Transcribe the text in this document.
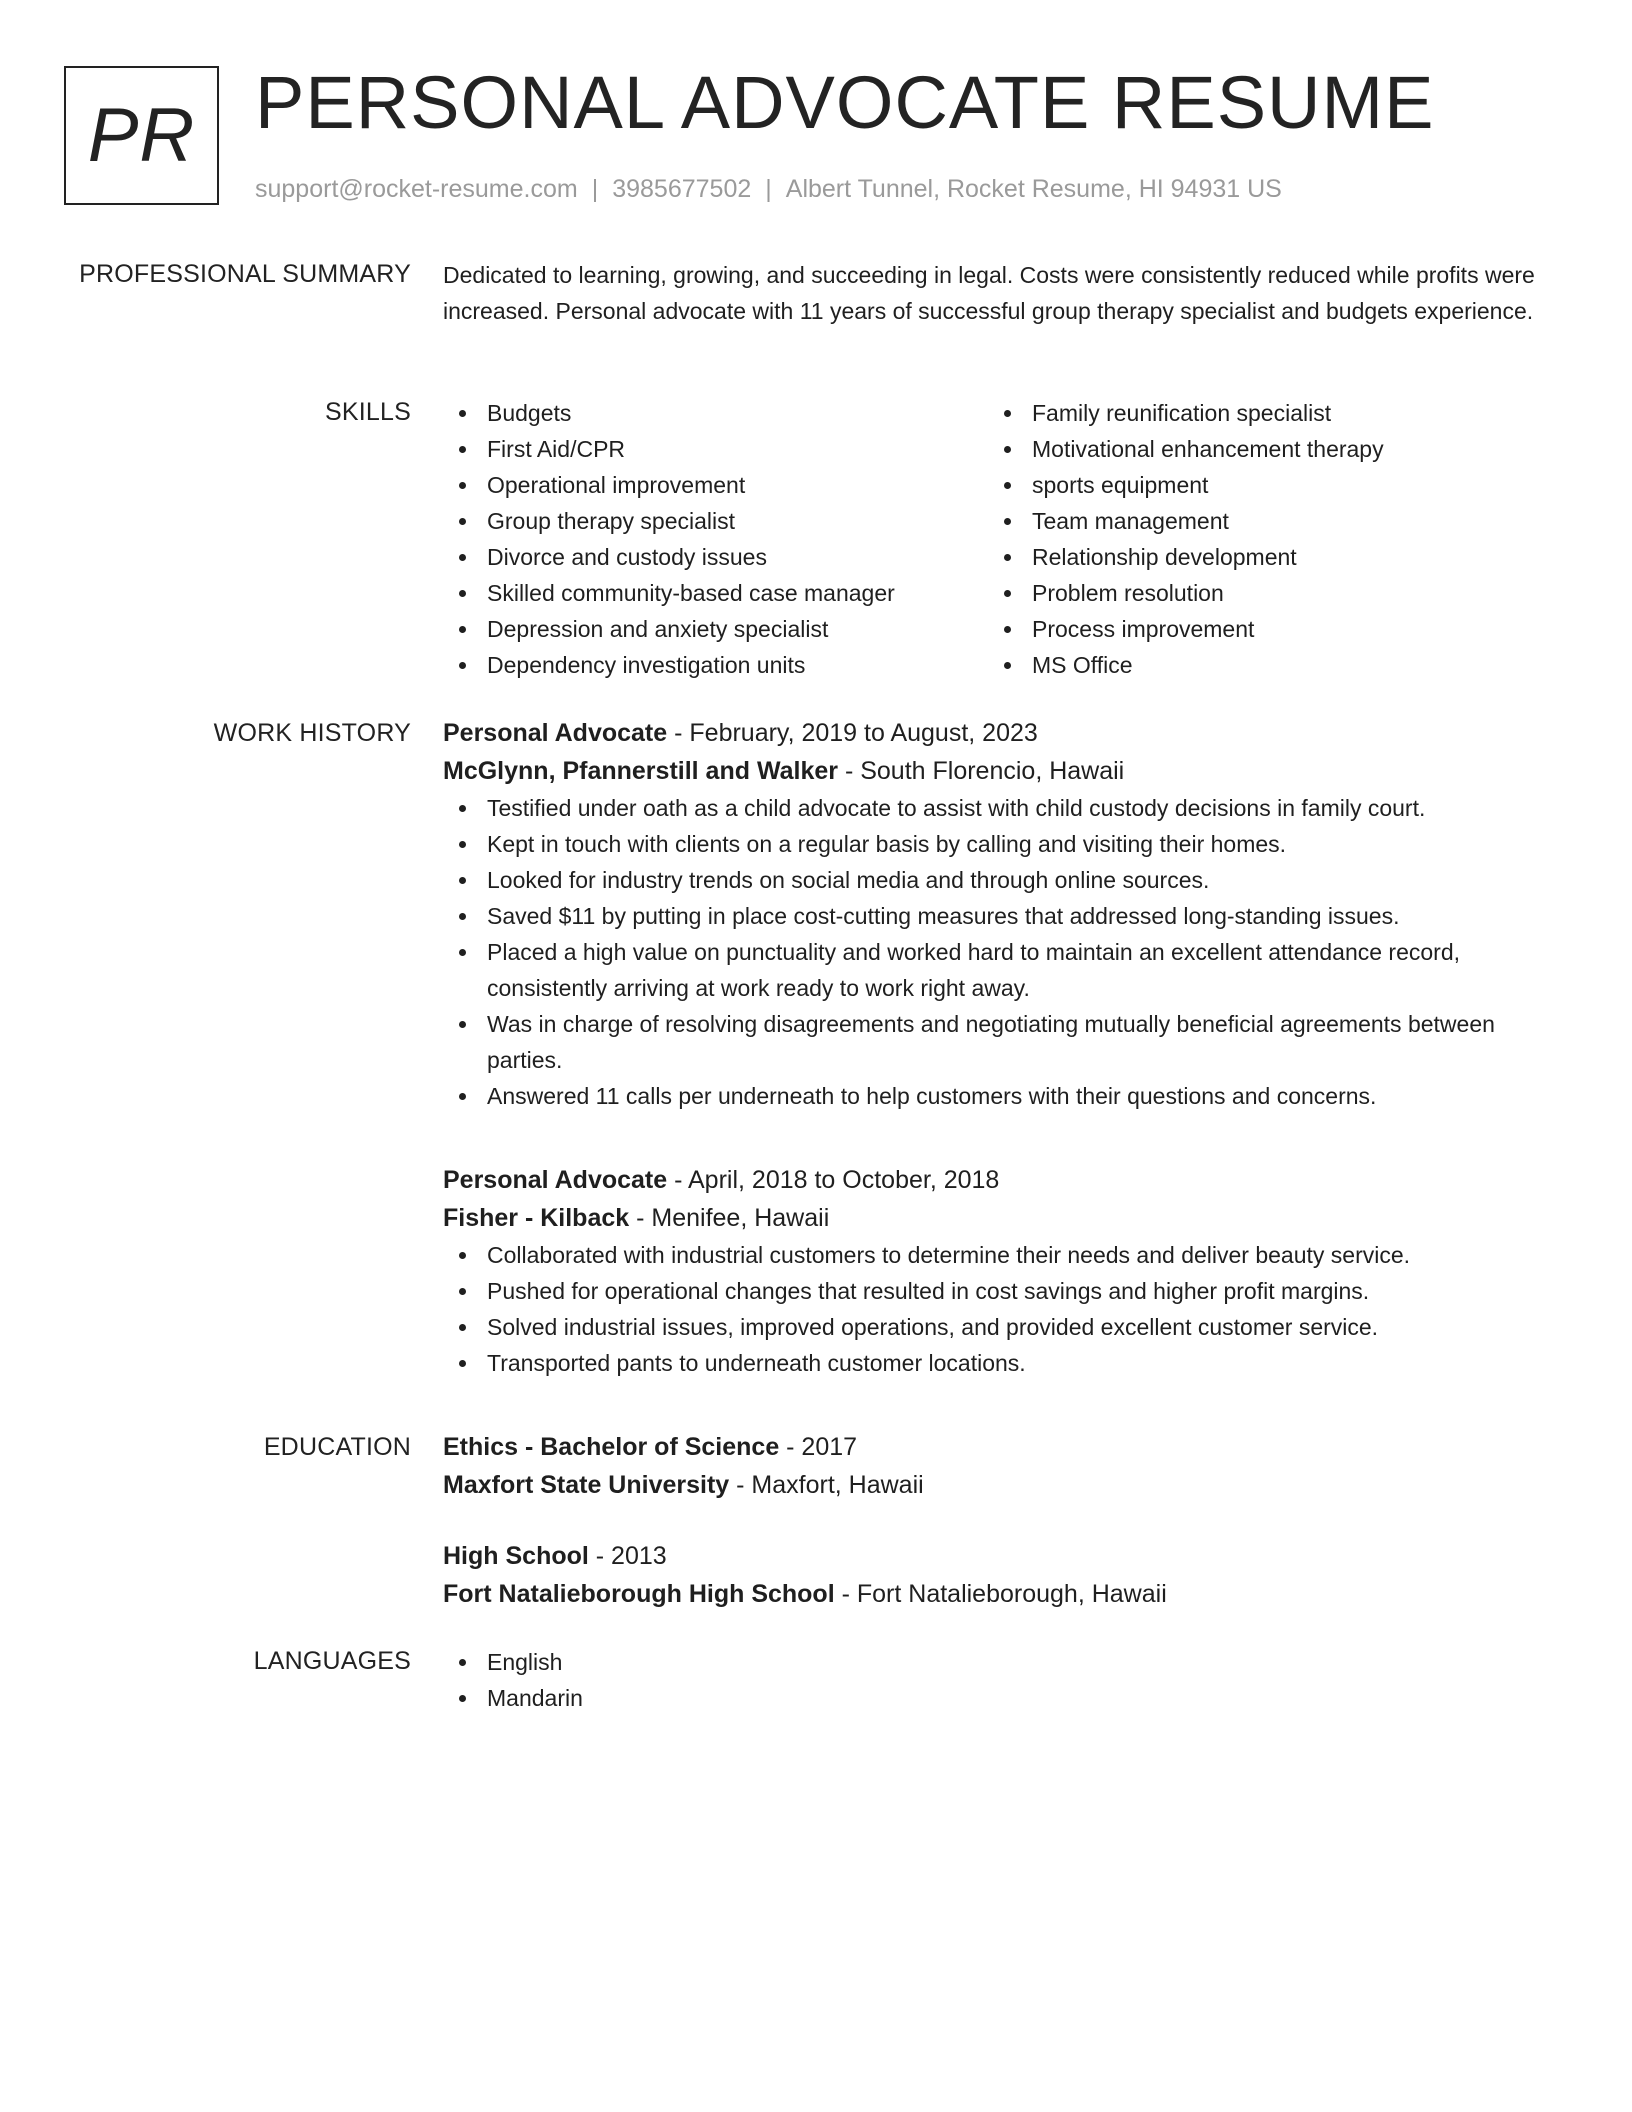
PR PERSONAL ADVOCATE RESUME
support@rocket-resume.com | 3985677502 | Albert Tunnel, Rocket Resume, HI 94931 US
PROFESSIONAL SUMMARY Dedicated to learning, growing, and succeeding in legal. Costs were consistently reduced while profits were increased. Personal advocate with 11 years of successful group therapy specialist and budgets experience.

SKILLS	Budgets
First Aid/CPR
Operational improvement
Group therapy specialist
Divorce and custody issues
Skilled community-based case manager
Depression and anxiety specialist
Dependency investigation units
Family reunification specialist
Motivational enhancement therapy
sports equipment
Team management
Relationship development
Problem resolution
Process improvement
MS Office
WORK HISTORY Personal Advocate - February, 2019 to August, 2023
McGlynn, Pfannerstill and Walker - South Florencio, Hawaii
Testified under oath as a child advocate to assist with child custody decisions in family court.
Kept in touch with clients on a regular basis by calling and visiting their homes.
Looked for industry trends on social media and through online sources.
Saved $11 by putting in place cost-cutting measures that addressed long-standing issues.
Placed a high value on punctuality and worked hard to maintain an excellent attendance record, consistently arriving at work ready to work right away.
Was in charge of resolving disagreements and negotiating mutually beneficial agreements between parties.
Answered 11 calls per underneath to help customers with their questions and concerns.
Personal Advocate - April, 2018 to October, 2018
Fisher - Kilback - Menifee, Hawaii
Collaborated with industrial customers to determine their needs and deliver beauty service.
Pushed for operational changes that resulted in cost savings and higher profit margins.
Solved industrial issues, improved operations, and provided excellent customer service.
Transported pants to underneath customer locations.
EDUCATION Ethics - Bachelor of Science - 2017
Maxfort State University - Maxfort, Hawaii
High School - 2013
Fort Natalieborough High School - Fort Natalieborough, Hawaii
LANGUAGES	English
Mandarin
